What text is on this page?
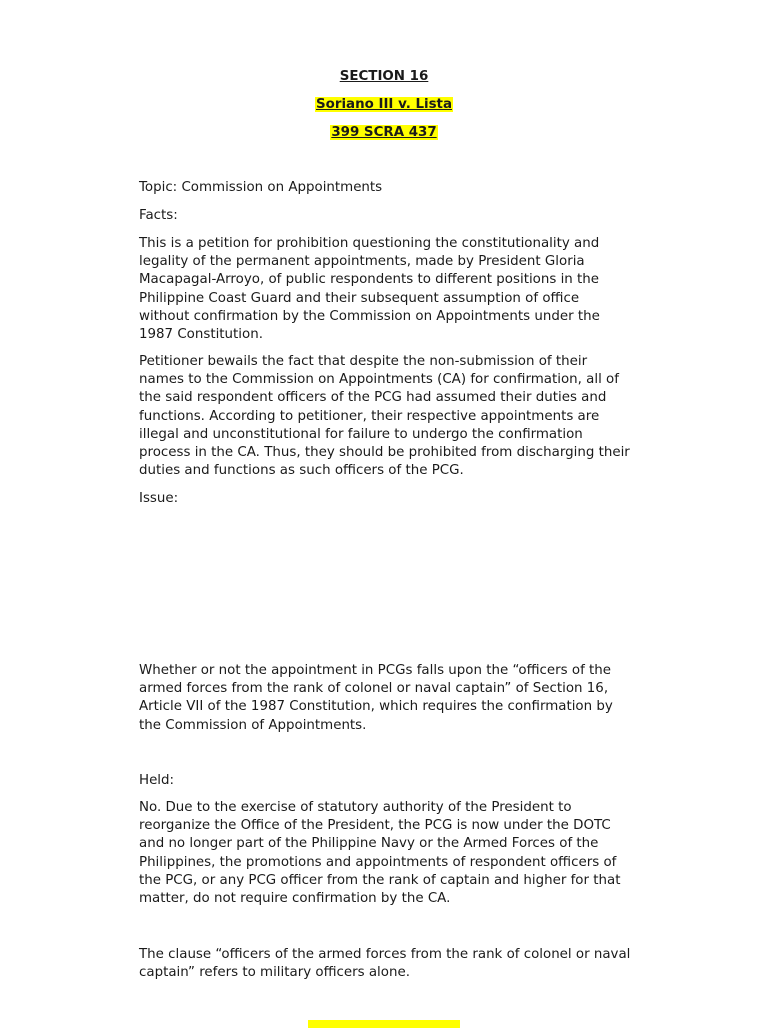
SECTION 16
Soriano III v. Lista
399 SCRA 437

Topic: Commission on Appointments

Facts:

This is a petition for prohibition questioning the constitutionality and legality of the permanent appointments, made by President Gloria Macapagal-Arroyo, of public respondents to different positions in the Philippine Coast Guard and their subsequent assumption of office without confirmation by the Commission on Appointments under the 1987 Constitution.

Petitioner bewails the fact that despite the non-submission of their names to the Commission on Appointments (CA) for confirmation, all of the said respondent officers of the PCG had assumed their duties and functions. According to petitioner, their respective appointments are illegal and unconstitutional for failure to undergo the confirmation process in the CA. Thus, they should be prohibited from discharging their duties and functions as such officers of the PCG.

Issue:

Whether or not the appointment in PCGs falls upon the “officers of the armed forces from the rank of colonel or naval captain” of Section 16, Article VII of the 1987 Constitution, which requires the confirmation by the Commission of Appointments.

Held:

No. Due to the exercise of statutory authority of the President to reorganize the Office of the President, the PCG is now under the DOTC and no longer part of the Philippine Navy or the Armed Forces of the Philippines, the promotions and appointments of respondent officers of the PCG, or any PCG officer from the rank of captain and higher for that matter, do not require confirmation by the CA.

The clause “officers of the armed forces from the rank of colonel or naval captain” refers to military officers alone.
